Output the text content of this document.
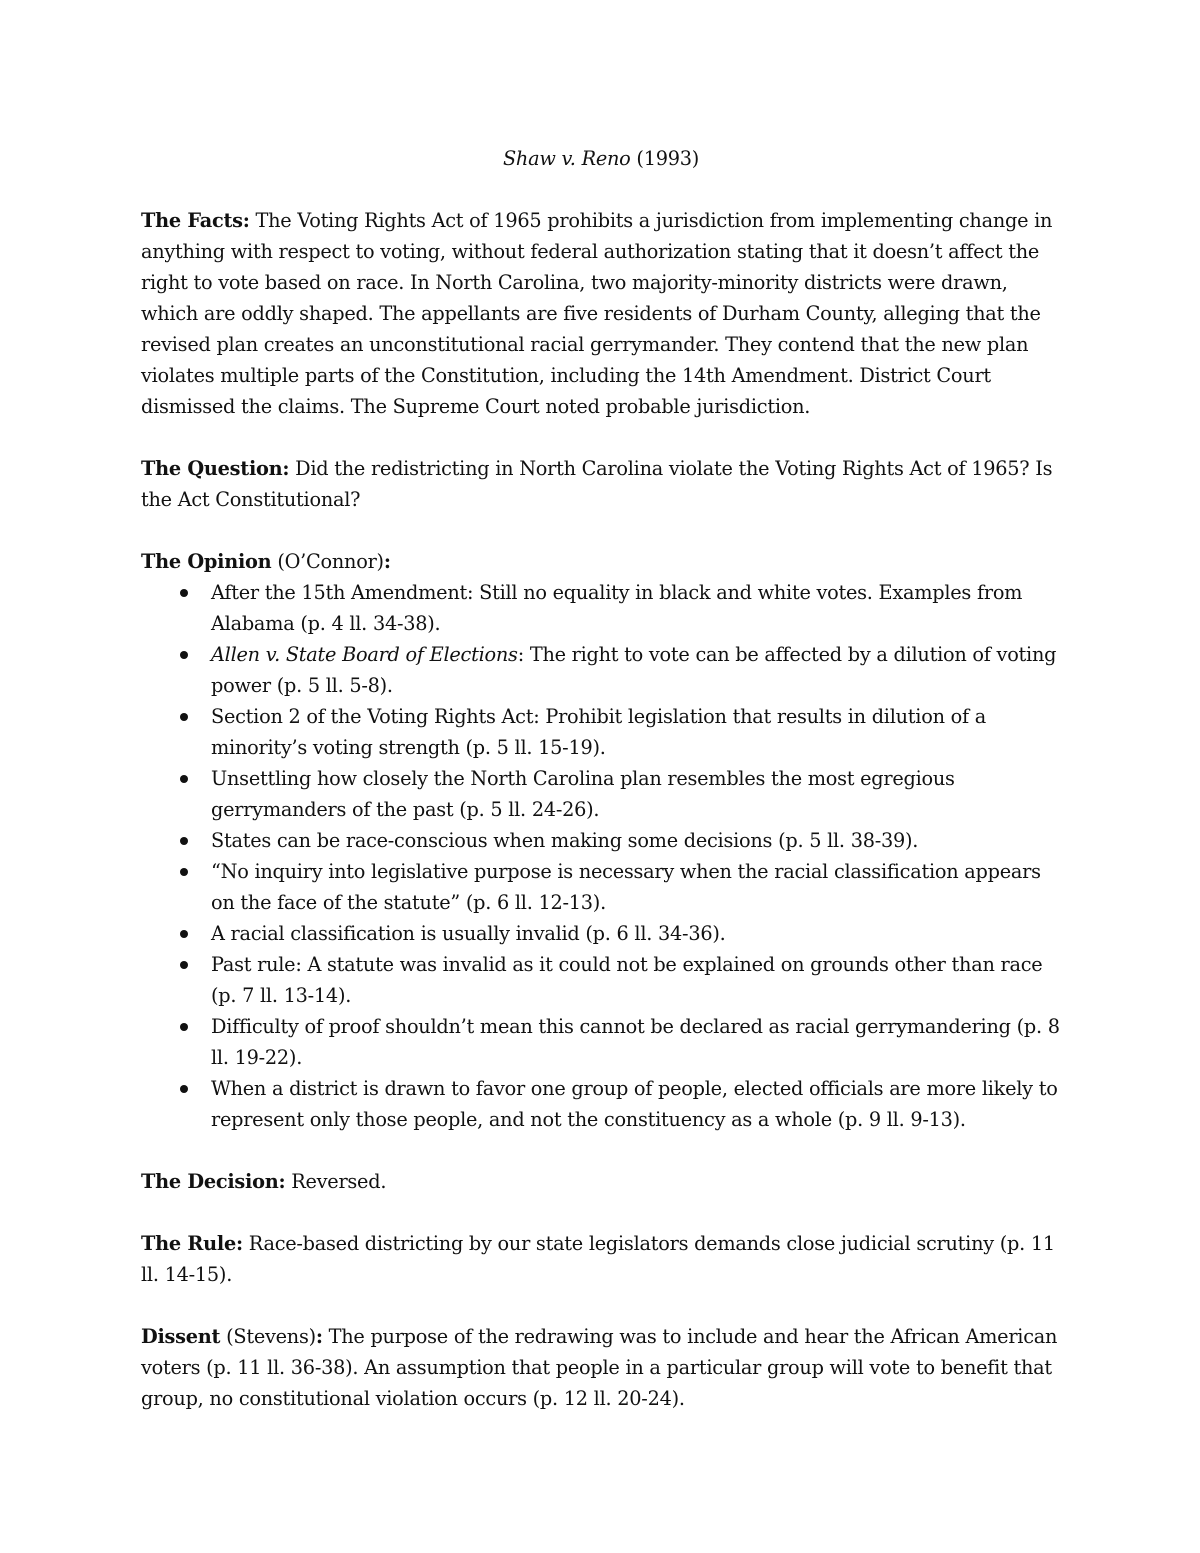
Shaw v. Reno (1993)

The Facts: The Voting Rights Act of 1965 prohibits a jurisdiction from implementing change in anything with respect to voting, without federal authorization stating that it doesn’t affect the right to vote based on race. In North Carolina, two majority-minority districts were drawn, which are oddly shaped. The appellants are five residents of Durham County, alleging that the revised plan creates an unconstitutional racial gerrymander. They contend that the new plan violates multiple parts of the Constitution, including the 14th Amendment. District Court dismissed the claims. The Supreme Court noted probable jurisdiction.

The Question: Did the redistricting in North Carolina violate the Voting Rights Act of 1965? Is the Act Constitutional?

The Opinion (O’Connor):

After the 15th Amendment: Still no equality in black and white votes. Examples from Alabama (p. 4 ll. 34-38).
Allen v. State Board of Elections: The right to vote can be affected by a dilution of voting power (p. 5 ll. 5-8).
Section 2 of the Voting Rights Act: Prohibit legislation that results in dilution of a minority’s voting strength (p. 5 ll. 15-19).
Unsettling how closely the North Carolina plan resembles the most egregious gerrymanders of the past (p. 5 ll. 24-26).
States can be race-conscious when making some decisions (p. 5 ll. 38-39).
“No inquiry into legislative purpose is necessary when the racial classification appears on the face of the statute” (p. 6 ll. 12-13).
A racial classification is usually invalid (p. 6 ll. 34-36).
Past rule: A statute was invalid as it could not be explained on grounds other than race (p. 7 ll. 13-14).
Difficulty of proof shouldn’t mean this cannot be declared as racial gerrymandering (p. 8 ll. 19-22).
When a district is drawn to favor one group of people, elected officials are more likely to represent only those people, and not the constituency as a whole (p. 9 ll. 9-13).

The Decision: Reversed.

The Rule: Race-based districting by our state legislators demands close judicial scrutiny (p. 11 ll. 14-15).

Dissent (Stevens): The purpose of the redrawing was to include and hear the African American voters (p. 11 ll. 36-38). An assumption that people in a particular group will vote to benefit that group, no constitutional violation occurs (p. 12 ll. 20-24).
